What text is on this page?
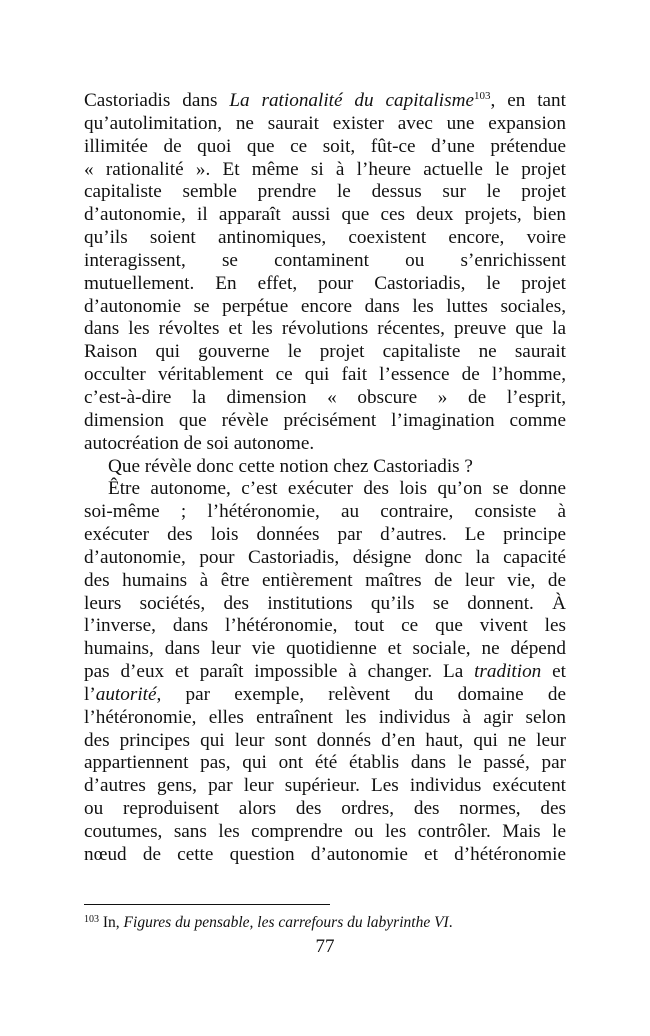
Castoriadis dans La rationalité du capitalisme$^{103}$, en tant
qu’autolimitation, ne saurait exister avec une expansion
illimitée de quoi que ce soit, fût-ce d’une prétendue
« rationalité ». Et même si à l’heure actuelle le projet
capitaliste semble prendre le dessus sur le projet
d’autonomie, il apparaît aussi que ces deux projets, bien
qu’ils soient antinomiques, coexistent encore, voire
interagissent, se contaminent ou s’enrichissent
mutuellement. En effet, pour Castoriadis, le projet
d’autonomie se perpétue encore dans les luttes sociales,
dans les révoltes et les révolutions récentes, preuve que la
Raison qui gouverne le projet capitaliste ne saurait
occulter véritablement ce qui fait l’essence de l’homme,
c’est-à-dire la dimension « obscure » de l’esprit,
dimension que révèle précisément l’imagination comme
autocréation de soi autonome.
Que révèle donc cette notion chez Castoriadis ?
Être autonome, c’est exécuter des lois qu’on se donne
soi-même ; l’hétéronomie, au contraire, consiste à
exécuter des lois données par d’autres. Le principe
d’autonomie, pour Castoriadis, désigne donc la capacité
des humains à être entièrement maîtres de leur vie, de
leurs sociétés, des institutions qu’ils se donnent. À
l’inverse, dans l’hétéronomie, tout ce que vivent les
humains, dans leur vie quotidienne et sociale, ne dépend
pas d’eux et paraît impossible à changer. La tradition et
l’autorité, par exemple, relèvent du domaine de
l’hétéronomie, elles entraînent les individus à agir selon
des principes qui leur sont donnés d’en haut, qui ne leur
appartiennent pas, qui ont été établis dans le passé, par
d’autres gens, par leur supérieur. Les individus exécutent
ou reproduisent alors des ordres, des normes, des
coutumes, sans les comprendre ou les contrôler. Mais le
nœud de cette question d’autonomie et d’hétéronomie
$^{103}$ In, Figures du pensable, les carrefours du labyrinthe VI.
77
